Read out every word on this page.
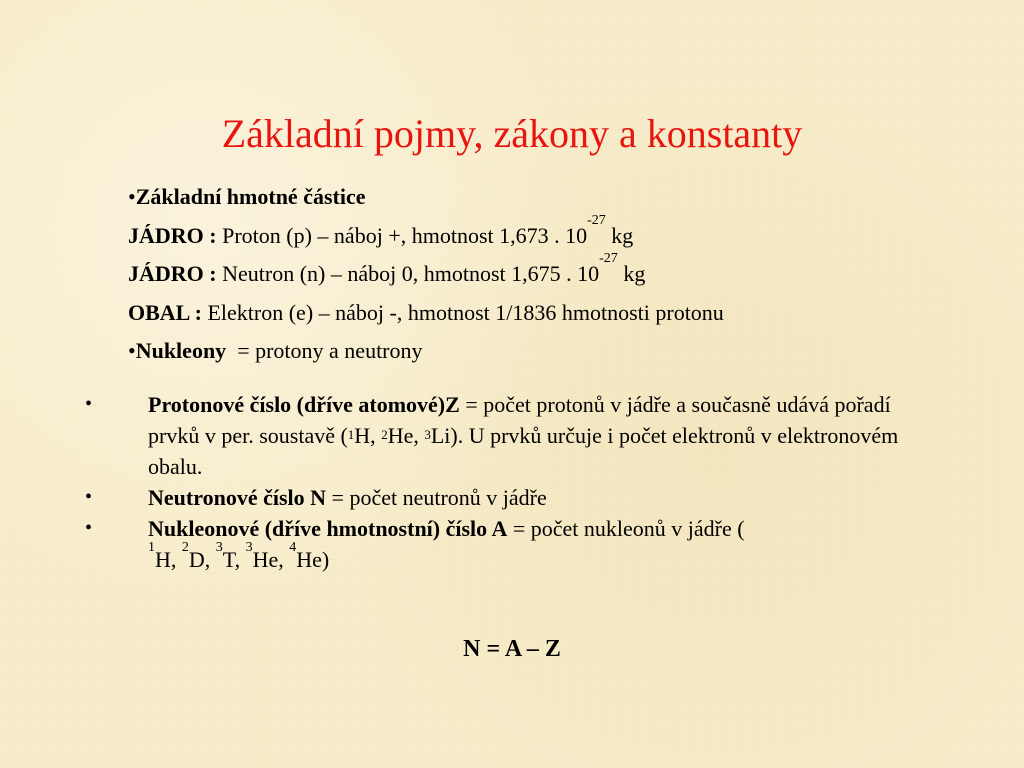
Základní pojmy, zákony a konstanty
•Základní hmotné částice
JÁDRO : Proton (p) – náboj +, hmotnost 1,673 . $10^{-27}$ kg
JÁDRO : Neutron (n) – náboj 0, hmotnost 1,675 . $10^{-27}$ kg
OBAL : Elektron (e) – náboj -, hmotnost 1/1836 hmotnosti protonu
•Nukleony = protony a neutrony
•	Protonové číslo (dříve atomové)Z = počet protonů v jádře a současně udává pořadí prvků v per. soustavě ($_1H$, $_2$He, $_3$Li). U prvků určuje i počet elektronů v elektronovém obalu.
•	Neutronové číslo N = počet neutronů v jádře
•	Nukleonové (dříve hmotnostní) číslo A = počet nukleonů v jádře (
$^1$H, $^2$D, $^3$T, $^3$He, $^4$He)
N = A – Z
